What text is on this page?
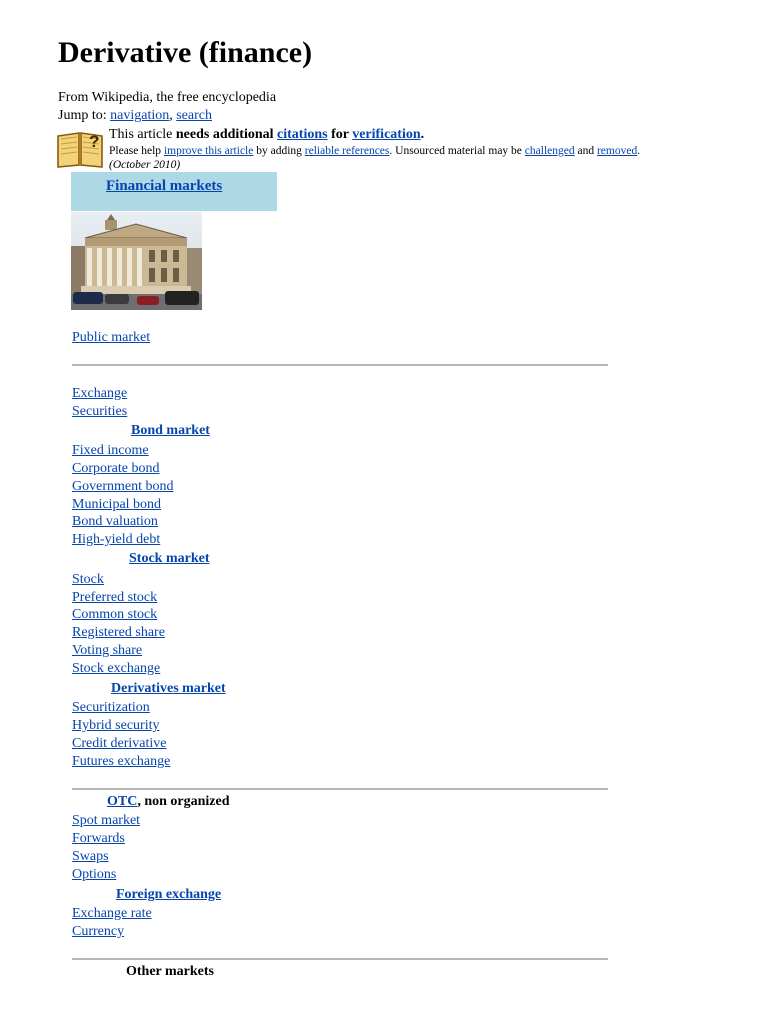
Derivative (finance)
From Wikipedia, the free encyclopedia
Jump to: navigation, search
? This article needs additional citations for verification.
Please help improve this article by adding reliable references. Unsourced material may be challenged and removed.
(October 2010)
Financial markets
Public market
Exchange
Securities
Bond market
Fixed income
Corporate bond
Government bond
Municipal bond
Bond valuation
High-yield debt
Stock market
Stock
Preferred stock
Common stock
Registered share
Voting share
Stock exchange
Derivatives market
Securitization
Hybrid security
Credit derivative
Futures exchange
OTC, non organized
Spot market
Forwards
Swaps
Options
Foreign exchange
Exchange rate
Currency
Other markets
